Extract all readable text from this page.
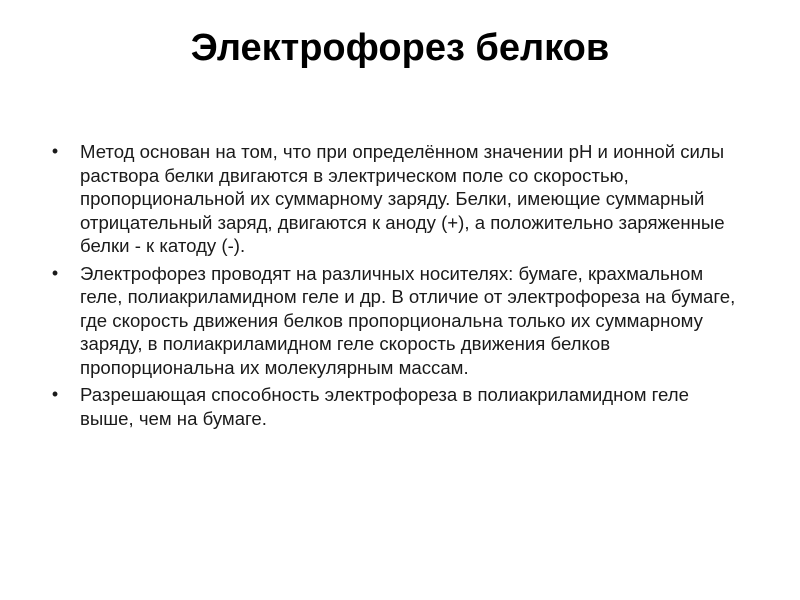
Электрофорез белков
• Метод основан на том, что при определённом значении pH и ионной силы раствора белки двигаются в электрическом поле со скоростью, пропорциональной их суммарному заряду. Белки, имеющие суммарный отрицательный заряд, двигаются к аноду (+), а положительно заряженные белки - к катоду (-).
• Электрофорез проводят на различных носителях: бумаге, крахмальном геле, полиакриламидном геле и др. В отличие от электрофореза на бумаге, где скорость движения белков пропорциональна только их суммарному заряду, в полиакриламидном геле скорость движения белков пропорциональна их молекулярным массам.
• Разрешающая способность электрофореза в полиакриламидном геле выше, чем на бумаге.
